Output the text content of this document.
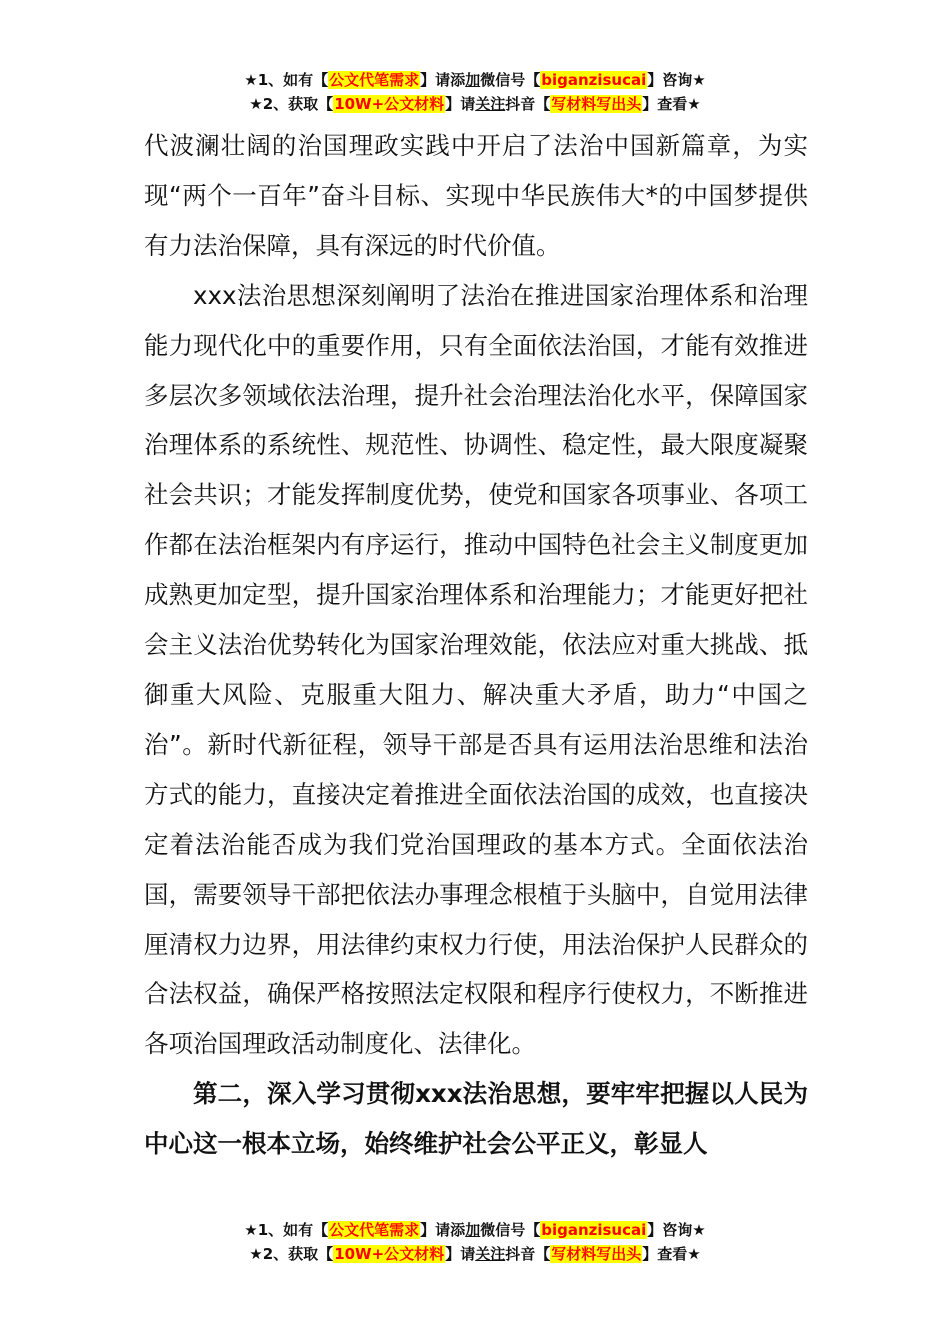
★1、如有【公文代笔需求】请添加微信号【biganzisucai】咨询★
★2、获取【10W+公文材料】请关注抖音【写材料写出头】查看★

代波澜壮阔的治国理政实践中开启了法治中国新篇章，为实现“两个一百年”奋斗目标、实现中华民族伟大*的中国梦提供有力法治保障，具有深远的时代价值。

xxx法治思想深刻阐明了法治在推进国家治理体系和治理能力现代化中的重要作用，只有全面依法治国，才能有效推进多层次多领域依法治理，提升社会治理法治化水平，保障国家治理体系的系统性、规范性、协调性、稳定性，最大限度凝聚社会共识；才能发挥制度优势，使党和国家各项事业、各项工作都在法治框架内有序运行，推动中国特色社会主义制度更加成熟更加定型，提升国家治理体系和治理能力；才能更好把社会主义法治优势转化为国家治理效能，依法应对重大挑战、抵御重大风险、克服重大阻力、解决重大矛盾，助力“中国之治”。新时代新征程，领导干部是否具有运用法治思维和法治方式的能力，直接决定着推进全面依法治国的成效，也直接决定着法治能否成为我们党治国理政的基本方式。全面依法治国，需要领导干部把依法办事理念根植于头脑中，自觉用法律厘清权力边界，用法律约束权力行使，用法治保护人民群众的合法权益，确保严格按照法定权限和程序行使权力，不断推进各项治国理政活动制度化、法律化。

第二，深入学习贯彻xxx法治思想，要牢牢把握以人民为中心这一根本立场，始终维护社会公平正义，彰显人

★1、如有【公文代笔需求】请添加微信号【biganzisucai】咨询★
★2、获取【10W+公文材料】请关注抖音【写材料写出头】查看★
